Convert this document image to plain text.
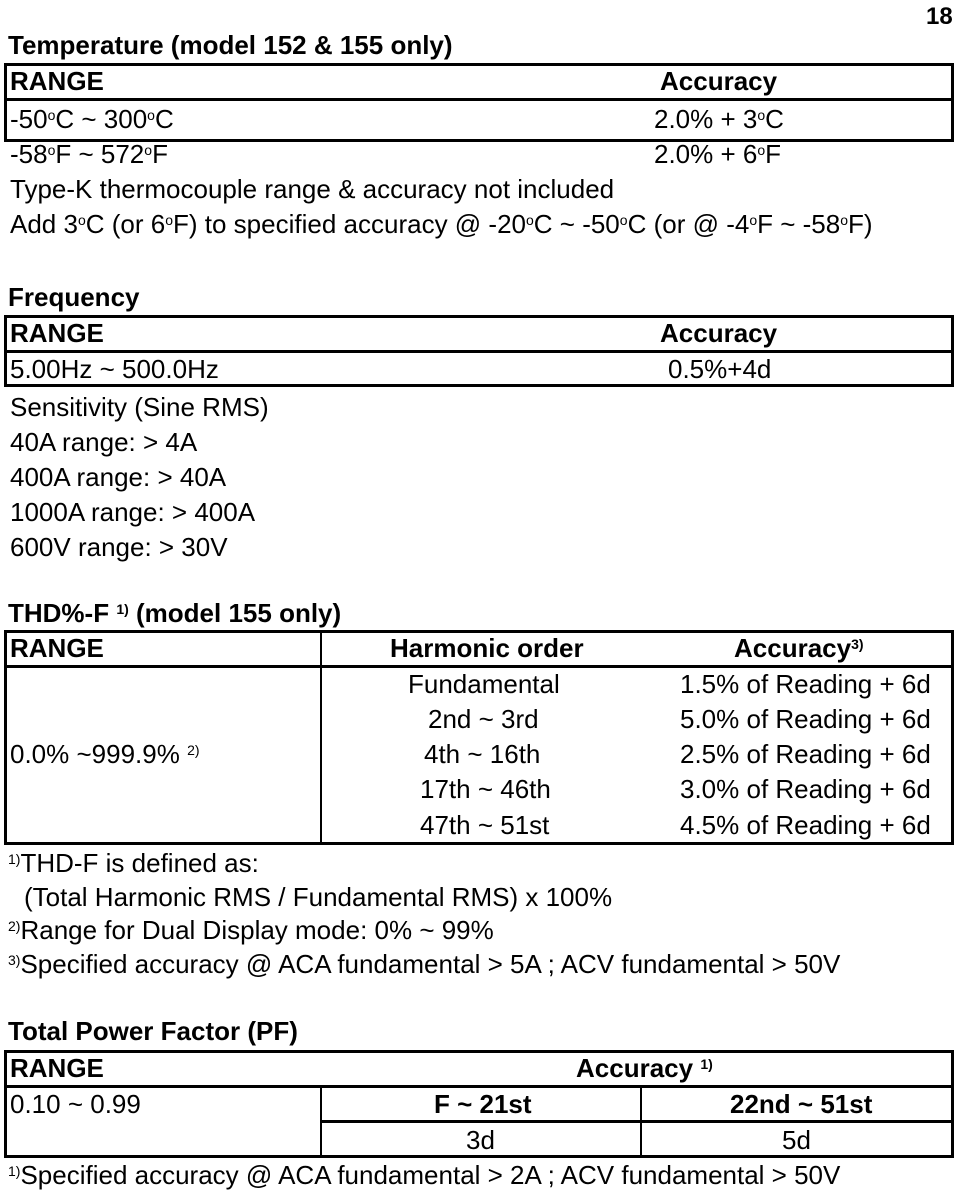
18
Temperature (model 152 & 155 only)
RANGE	Accuracy
-50$^o$C ~ 300$^o$C	$2.0\% + 3^oC$
-58$^o$F ~ 572$^o$F	$2.0\% + 6^oF$
Type-K thermocouple range & accuracy not included
Add 3$^o$C (or 6$^o$F) to specified accuracy @ -20$^o$C ~ -50$^o$C (or @ -4$^o$F ~ -58$^o$F)
Frequency
RANGE	Accuracy
5.00Hz ~ 500.0Hz	0.5%+4d
Sensitivity (Sine RMS)
40A range: > 4A
400A range: > 40A
1000A range: > 400A
600V range: > 30V
THD%-F $^{1)}$ (model 155 only)
RANGE	Harmonic order	Accuracy$^{3)}$
0.0% ~999.9% $^{2)}$
Fundamental	1.5% of Reading + 6d
2nd ~ 3rd	5.0% of Reading + 6d
4th ~ 16th	2.5% of Reading + 6d
17th ~ 46th	3.0% of Reading + 6d
47th ~ 51st	4.5% of Reading + 6d
$^{1)}$THD-F is defined as:
(Total Harmonic RMS / Fundamental RMS) x 100%
$^{2)}$Range for Dual Display mode: 0% ~ 99%
$^{3)}$Specified accuracy @ ACA fundamental > 5A ; ACV fundamental > 50V
Total Power Factor (PF)
RANGE	Accuracy $^{1)}$
0.10 ~ 0.99	F ~ 21st	22nd ~ 51st
3d	5d
$^{1)}$Specified accuracy @ ACA fundamental > 2A ; ACV fundamental > 50V
